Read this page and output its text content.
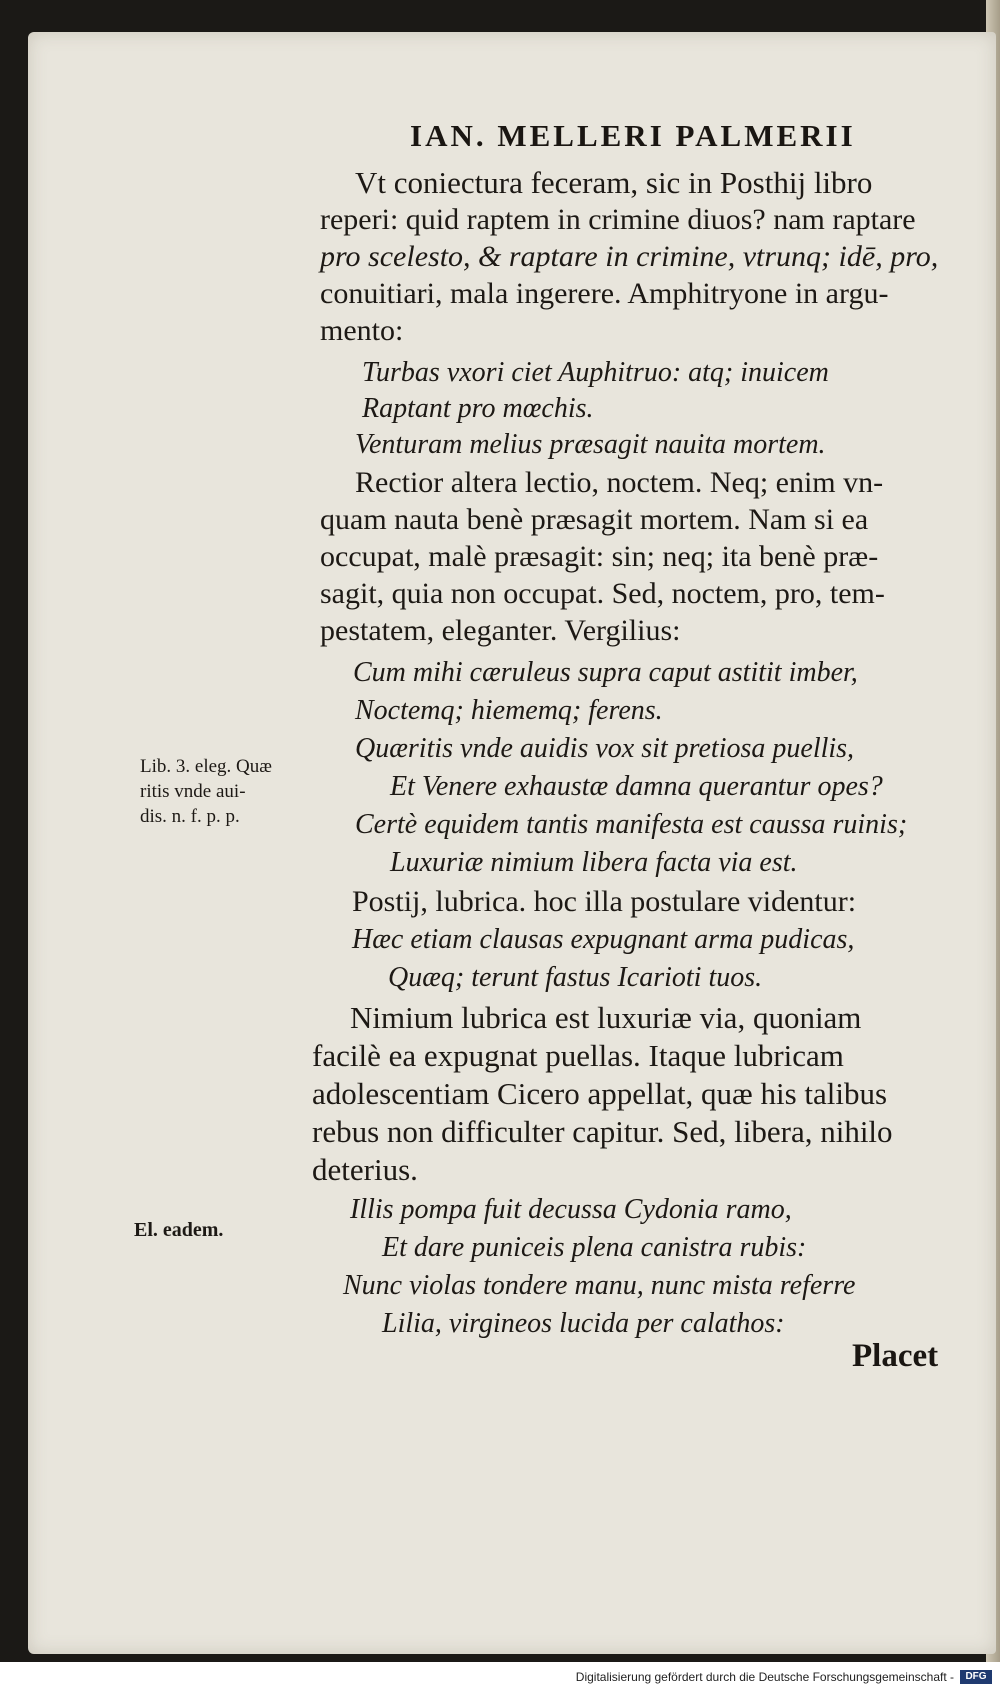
IAN. MELLERI PALMERII
Vt coniectura feceram, sic in Posthij libro
reperi: quid raptem in crimine diuos? nam raptare
pro scelesto, & raptare in crimine, vtrunq; idē, pro,
conuitiari, mala ingerere. Amphitryone in argu-
mento:
Turbas vxori ciet Auphitruo: atq; inuicem
Raptant pro mœchis.
Venturam melius præsagit nauita mortem.
Rectior altera lectio, noctem. Neq; enim vn-
quam nauta benè præsagit mortem. Nam si ea
occupat, malè præsagit: sin; neq; ita benè præ-
sagit, quia non occupat. Sed, noctem, pro, tem-
pestatem, eleganter. Vergilius:
Cum mihi cæruleus supra caput astitit imber,
Noctemq; hiememq; ferens.
Quæritis vnde auidis vox sit pretiosa puellis,
Et Venere exhaustæ damna querantur opes?
Certè equidem tantis manifesta est caussa ruinis;
Luxuriæ nimium libera facta via est.
Lib. 3. eleg. Quæ
ritis vnde aui-
dis. n. f. p. p.
Postij, lubrica. hoc illa postulare videntur:
Hæc etiam clausas expugnant arma pudicas,
Quæq; terunt fastus Icarioti tuos.
Nimium lubrica est luxuriæ via, quoniam
facilè ea expugnat puellas. Itaque lubricam
adolescentiam Cicero appellat, quæ his talibus
rebus non difficulter capitur. Sed, libera, nihilo
deterius.
El. eadem.
Illis pompa fuit decussa Cydonia ramo,
Et dare puniceis plena canistra rubis:
Nunc violas tondere manu, nunc mista referre
Lilia, virgineos lucida per calathos:
Placet
Digitalisierung gefördert durch die Deutsche Forschungsgemeinschaft -	DFG
